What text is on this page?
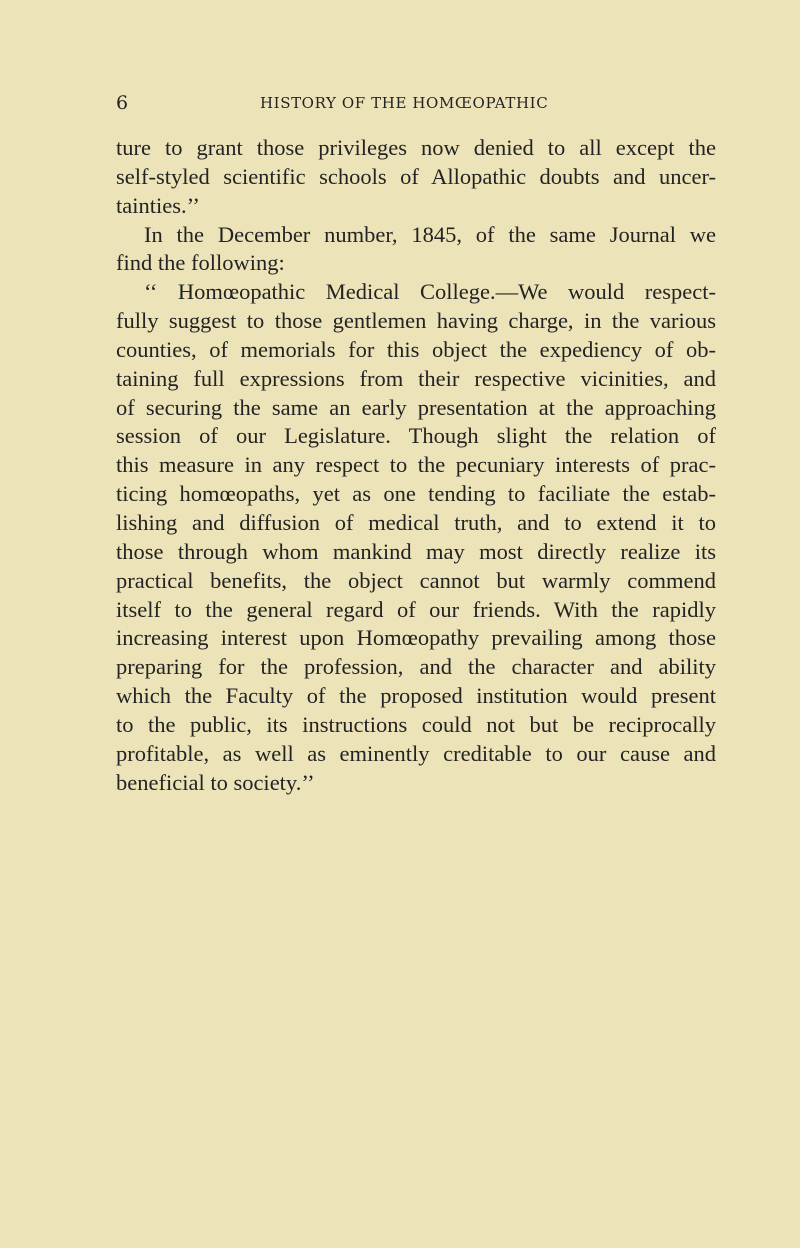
6	HISTORY OF THE HOMŒOPATHIC
ture to grant those privileges now denied to all except the
self-styled scientific schools of Allopathic doubts and uncer-
tainties.’’
In the December number, 1845, of the same Journal we
find the following:
‘‘ Homœopathic Medical College.—We would respect-
fully suggest to those gentlemen having charge, in the various
counties, of memorials for this object the expediency of ob-
taining full expressions from their respective vicinities, and
of securing the same an early presentation at the approaching
session of our Legislature. Though slight the relation of
this measure in any respect to the pecuniary interests of prac-
ticing homœopaths, yet as one tending to faciliate the estab-
lishing and diffusion of medical truth, and to extend it to
those through whom mankind may most directly realize its
practical benefits, the object cannot but warmly commend
itself to the general regard of our friends. With the rapidly
increasing interest upon Homœopathy prevailing among those
preparing for the profession, and the character and ability
which the Faculty of the proposed institution would present
to the public, its instructions could not but be reciprocally
profitable, as well as eminently creditable to our cause and
beneficial to society.’’
